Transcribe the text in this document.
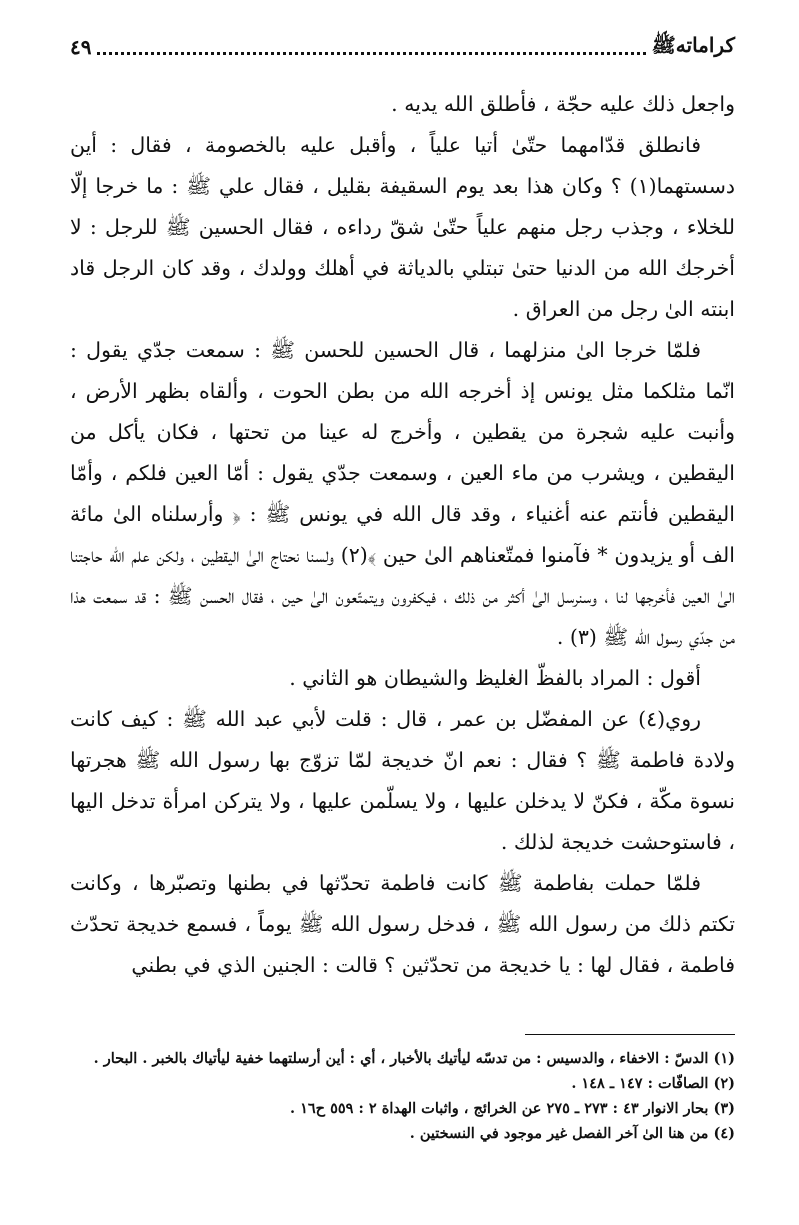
كراماتهﷺ
٤٩

واجعل ذلك عليه حجّة ، فأطلق الله يديه .

فانطلق قدّامهما حتّىٰ أتيا علياً ، وأقبل عليه بالخصومة ، فقال : أين دسستهما(١) ؟ وكان هذا بعد يوم السقيفة بقليل ، فقال علي ﷺ : ما خرجا إلّا للخلاء ، وجذب رجل منهم علياً حتّىٰ شقّ رداءه ، فقال الحسين ﷺ للرجل : لا أخرجك الله من الدنيا حتىٰ تبتلي بالدياثة في أهلك وولدك ، وقد كان الرجل قاد ابنته الىٰ رجل من العراق .

فلمّا خرجا الىٰ منزلهما ، قال الحسين للحسن ﷺ : سمعت جدّي يقول : انّما مثلكما مثل يونس إذ أخرجه الله من بطن الحوت ، وألقاه بظهر الأرض ، وأنبت عليه شجرة من يقطين ، وأخرج له عينا من تحتها ، فكان يأكل من اليقطين ، ويشرب من ماء العين ، وسمعت جدّي يقول : أمّا العين فلكم ، وأمّا اليقطين فأنتم عنه أغنياء ، وقد قال الله في يونس ﷺ : ﴿ وأرسلناه الىٰ مائة الف أو يزيدون * فآمنوا فمتّعناهم الىٰ حين ﴾(٢) ولسنا نحتاج الىٰ اليقطين ، ولكن علم الله حاجتنا الىٰ العين فأخرجها لنا ، وسنرسل الىٰ أكثر من ذلك ، فيكفرون ويتمتّعون الىٰ حين ، فقال الحسن ﷺ : قد سمعت هذا من جدّي رسول الله ﷺ (٣) .

أقول : المراد بالفظّ الغليظ والشيطان هو الثاني .

روي(٤) عن المفضّل بن عمر ، قال : قلت لأبي عبد الله ﷺ : كيف كانت ولادة فاطمة ﷺ ؟ فقال : نعم انّ خديجة لمّا تزوّج بها رسول الله ﷺ هجرتها نسوة مكّة ، فكنّ لا يدخلن عليها ، ولا يسلّمن عليها ، ولا يتركن امرأة تدخل اليها ، فاستوحشت خديجة لذلك .

فلمّا حملت بفاطمة ﷺ كانت فاطمة تحدّثها في بطنها وتصبّرها ، وكانت تكتم ذلك من رسول الله ﷺ ، فدخل رسول الله ﷺ يوماً ، فسمع خديجة تحدّث فاطمة ، فقال لها : يا خديجة من تحدّثين ؟ قالت : الجنين الذي في بطني

(١) الدسّ : الاخفاء ، والدسيس : من تدسّه ليأتيك بالأخبار ، أي : أين أرسلتهما خفية ليأتياك بالخبر . البحار .
(٢) الصافّات : ١٤٧ ـ ١٤٨ .
(٣) بحار الانوار ٤٣ : ٢٧٣ ـ ٢٧٥ عن الخرائج ، واثبات الهداة ٢ : ٥٥٩ ح١٦ .
(٤) من هنا الىٰ آخر الفصل غير موجود في النسختين .
